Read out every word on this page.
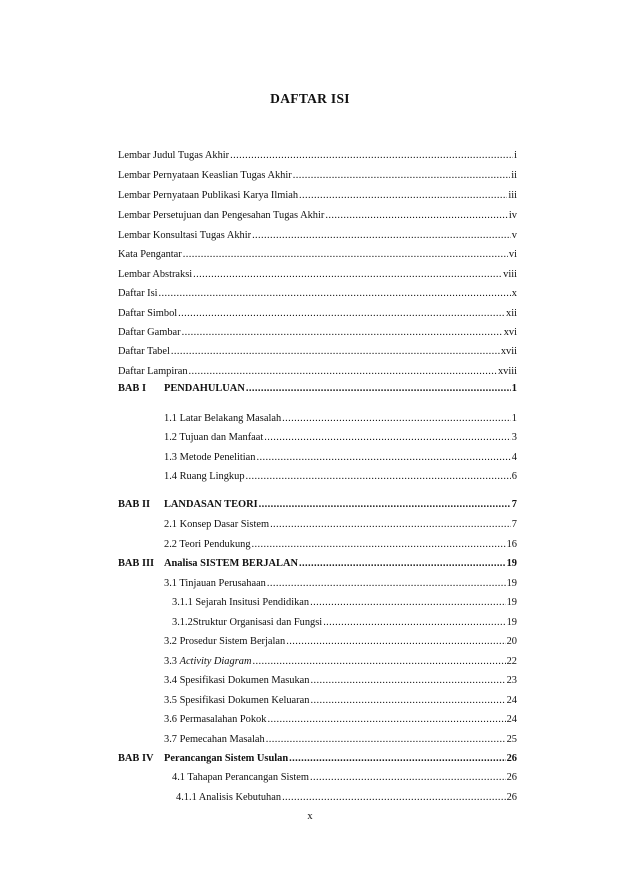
DAFTAR ISI
Lembar Judul Tugas Akhir .....	i
Lembar Pernyataan Keaslian Tugas Akhir .....	ii
Lembar Pernyataan Publikasi Karya Ilmiah .....	iii
Lembar Persetujuan dan Pengesahan Tugas Akhir .....	iv
Lembar Konsultasi Tugas Akhir .....	v
Kata Pengantar .....	vi
Lembar Abstraksi .....	viii
Daftar Isi .....	x
Daftar Simbol .....	xii
Daftar Gambar .....	xvi
Daftar Tabel .....	xvii
Daftar Lampiran .....	xviii
BAB I PENDAHULUAN .....	1
1.1 Latar Belakang Masalah .....	1
1.2 Tujuan dan Manfaat .....	3
1.3 Metode Penelitian .....	4
1.4 Ruang Lingkup .....	6
BAB II LANDASAN TEORI .....	7
2.1 Konsep Dasar Sistem .....	7
2.2 Teori Pendukung .....	16
BAB III Analisa SISTEM BERJALAN .....	19
3.1 Tinjauan Perusahaan .....	19
3.1.1 Sejarah Insitusi Pendidikan .....	19
3.1.2Struktur Organisasi dan Fungsi .....	19
3.2 Prosedur Sistem Berjalan .....	20
3.3 Activity Diagram .....	22
3.4 Spesifikasi Dokumen Masukan .....	23
3.5 Spesifikasi Dokumen Keluaran .....	24
3.6 Permasalahan Pokok .....	24
3.7 Pemecahan Masalah .....	25
BAB IV Perancangan Sistem Usulan .....	26
4.1 Tahapan Perancangan Sistem .....	26
4.1.1 Analisis Kebutuhan .....	26
x
